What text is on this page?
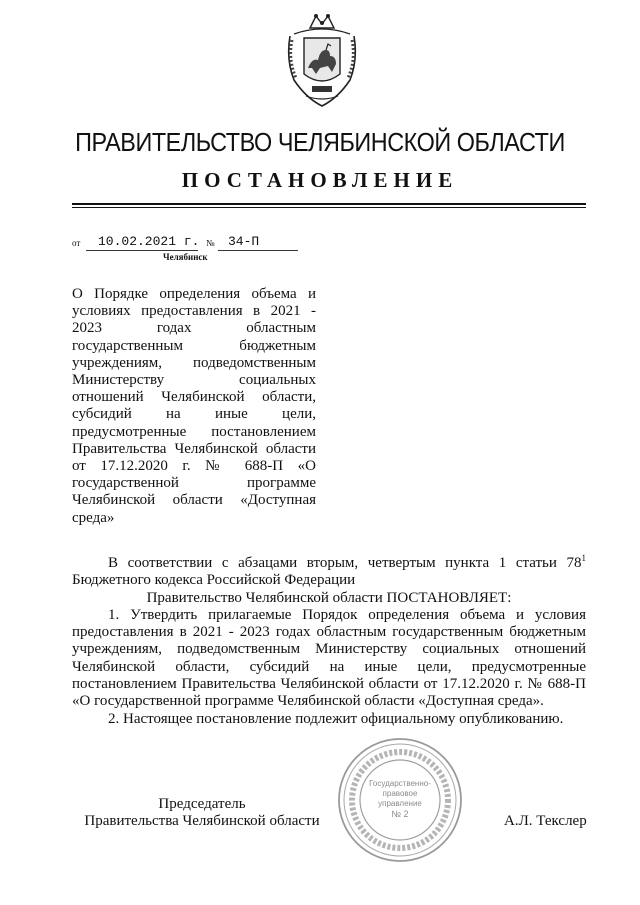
ПРАВИТЕЛЬСТВО ЧЕЛЯБИНСКОЙ ОБЛАСТИ
ПОСТАНОВЛЕНИЕ
от 10.02.2021 г. № 34-П
Челябинск
О Порядке определения объема и условиях предоставления в 2021 - 2023 годах областным государственным бюджетным учреждениям, подведомственным Министерству социальных отношений Челябинской области, субсидий на иные цели, предусмотренные постановлением Правительства Челябинской области от 17.12.2020 г. № 688-П «О государственной программе Челябинской области «Доступная среда»

В соответствии с абзацами вторым, четвертым пункта 1 статьи $78^1$ Бюджетного кодекса Российской Федерации

Правительство Челябинской области ПОСТАНОВЛЯЕТ:

1. Утвердить прилагаемые Порядок определения объема и условия предоставления в 2021 - 2023 годах областным государственным бюджетным учреждениям, подведомственным Министерству социальных отношений Челябинской области, субсидий на иные цели, предусмотренные постановлением Правительства Челябинской области от 17.12.2020 г. № 688-П «О государственной программе Челябинской области «Доступная среда».

2. Настоящее постановление подлежит официальному опубликованию.

Председатель
Правительства Челябинской области	А.Л. Текслер
Государственно-
правовое
управление
№ 2
